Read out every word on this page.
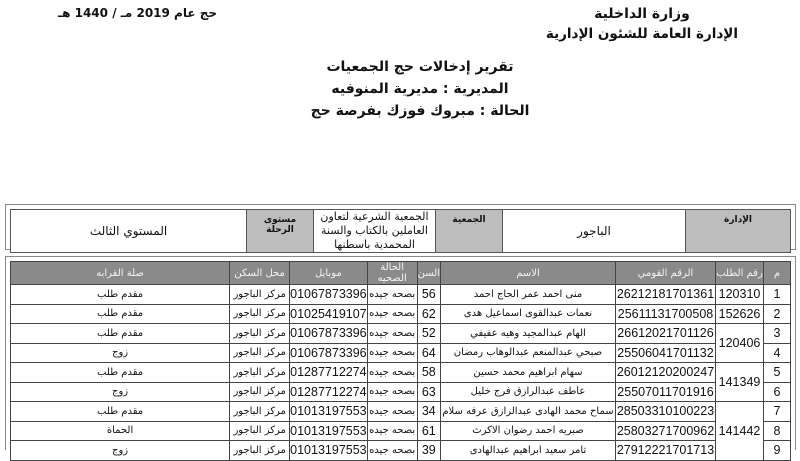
وزارة الداخلية
الإدارة العامة للشئون الإدارية
حج عام 2019 مـ / 1440 هـ
تقرير إدخالات حج الجمعيات
المديرية : مديرية المنوفيه
الحالة : مبروك فوزك بفرصة حج
الإدارة	الباجور	الجمعية	الجمعية الشرعية لتعاون العاملين بالكتاب والسنة المحمدية باسطنها	مستوى الرحلة	المستوي الثالث
م	رقم الطلب	الرقم القومي	الاسم	السن	الحالة الصحيه	موبايل	محل السكن	صلة القرابه
1	120310	26212181701361	منى احمد عمر الحاج احمد	56	بصحه جيده	01067873396	مركز الباجور	مقدم طلب
2	152626	25611131700508	نعمات عبدالقوى اسماعيل هدى	62	بصحه جيده	01025419107	مركز الباجور	مقدم طلب
3	120406	26612021701126	الهام عبدالمجيد وهيه عفيفي	52	بصحه جيده	01067873396	مركز الباجور	مقدم طلب
4		25506041701132	صبحي عبدالمنعم عبدالوهاب رمضان	64	بصحه جيده	01067873396	مركز الباجور	زوج
5	141349	26012120200247	سهام ابراهيم محمد حسين	58	بصحه جيده	01287712274	مركز الباجور	مقدم طلب
6		25507011701916	عاطف عبدالرازق فرج خليل	63	بصحه جيده	01287712274	مركز الباجور	زوج
7	141442	28503310100223	سماح محمد الهادى عبدالرازق عرفه سلام	34	بصحه جيده	01013197553	مركز الباجور	مقدم طلب
8		25803271700962	صبريه احمد رضوان الاكرث	61	بصحه جيده	01013197553	مركز الباجور	الحماة
9		27912221701713	تامر سعيد ابراهيم عبدالهادى	39	بصحه جيده	01013197553	مركز الباجور	زوج
